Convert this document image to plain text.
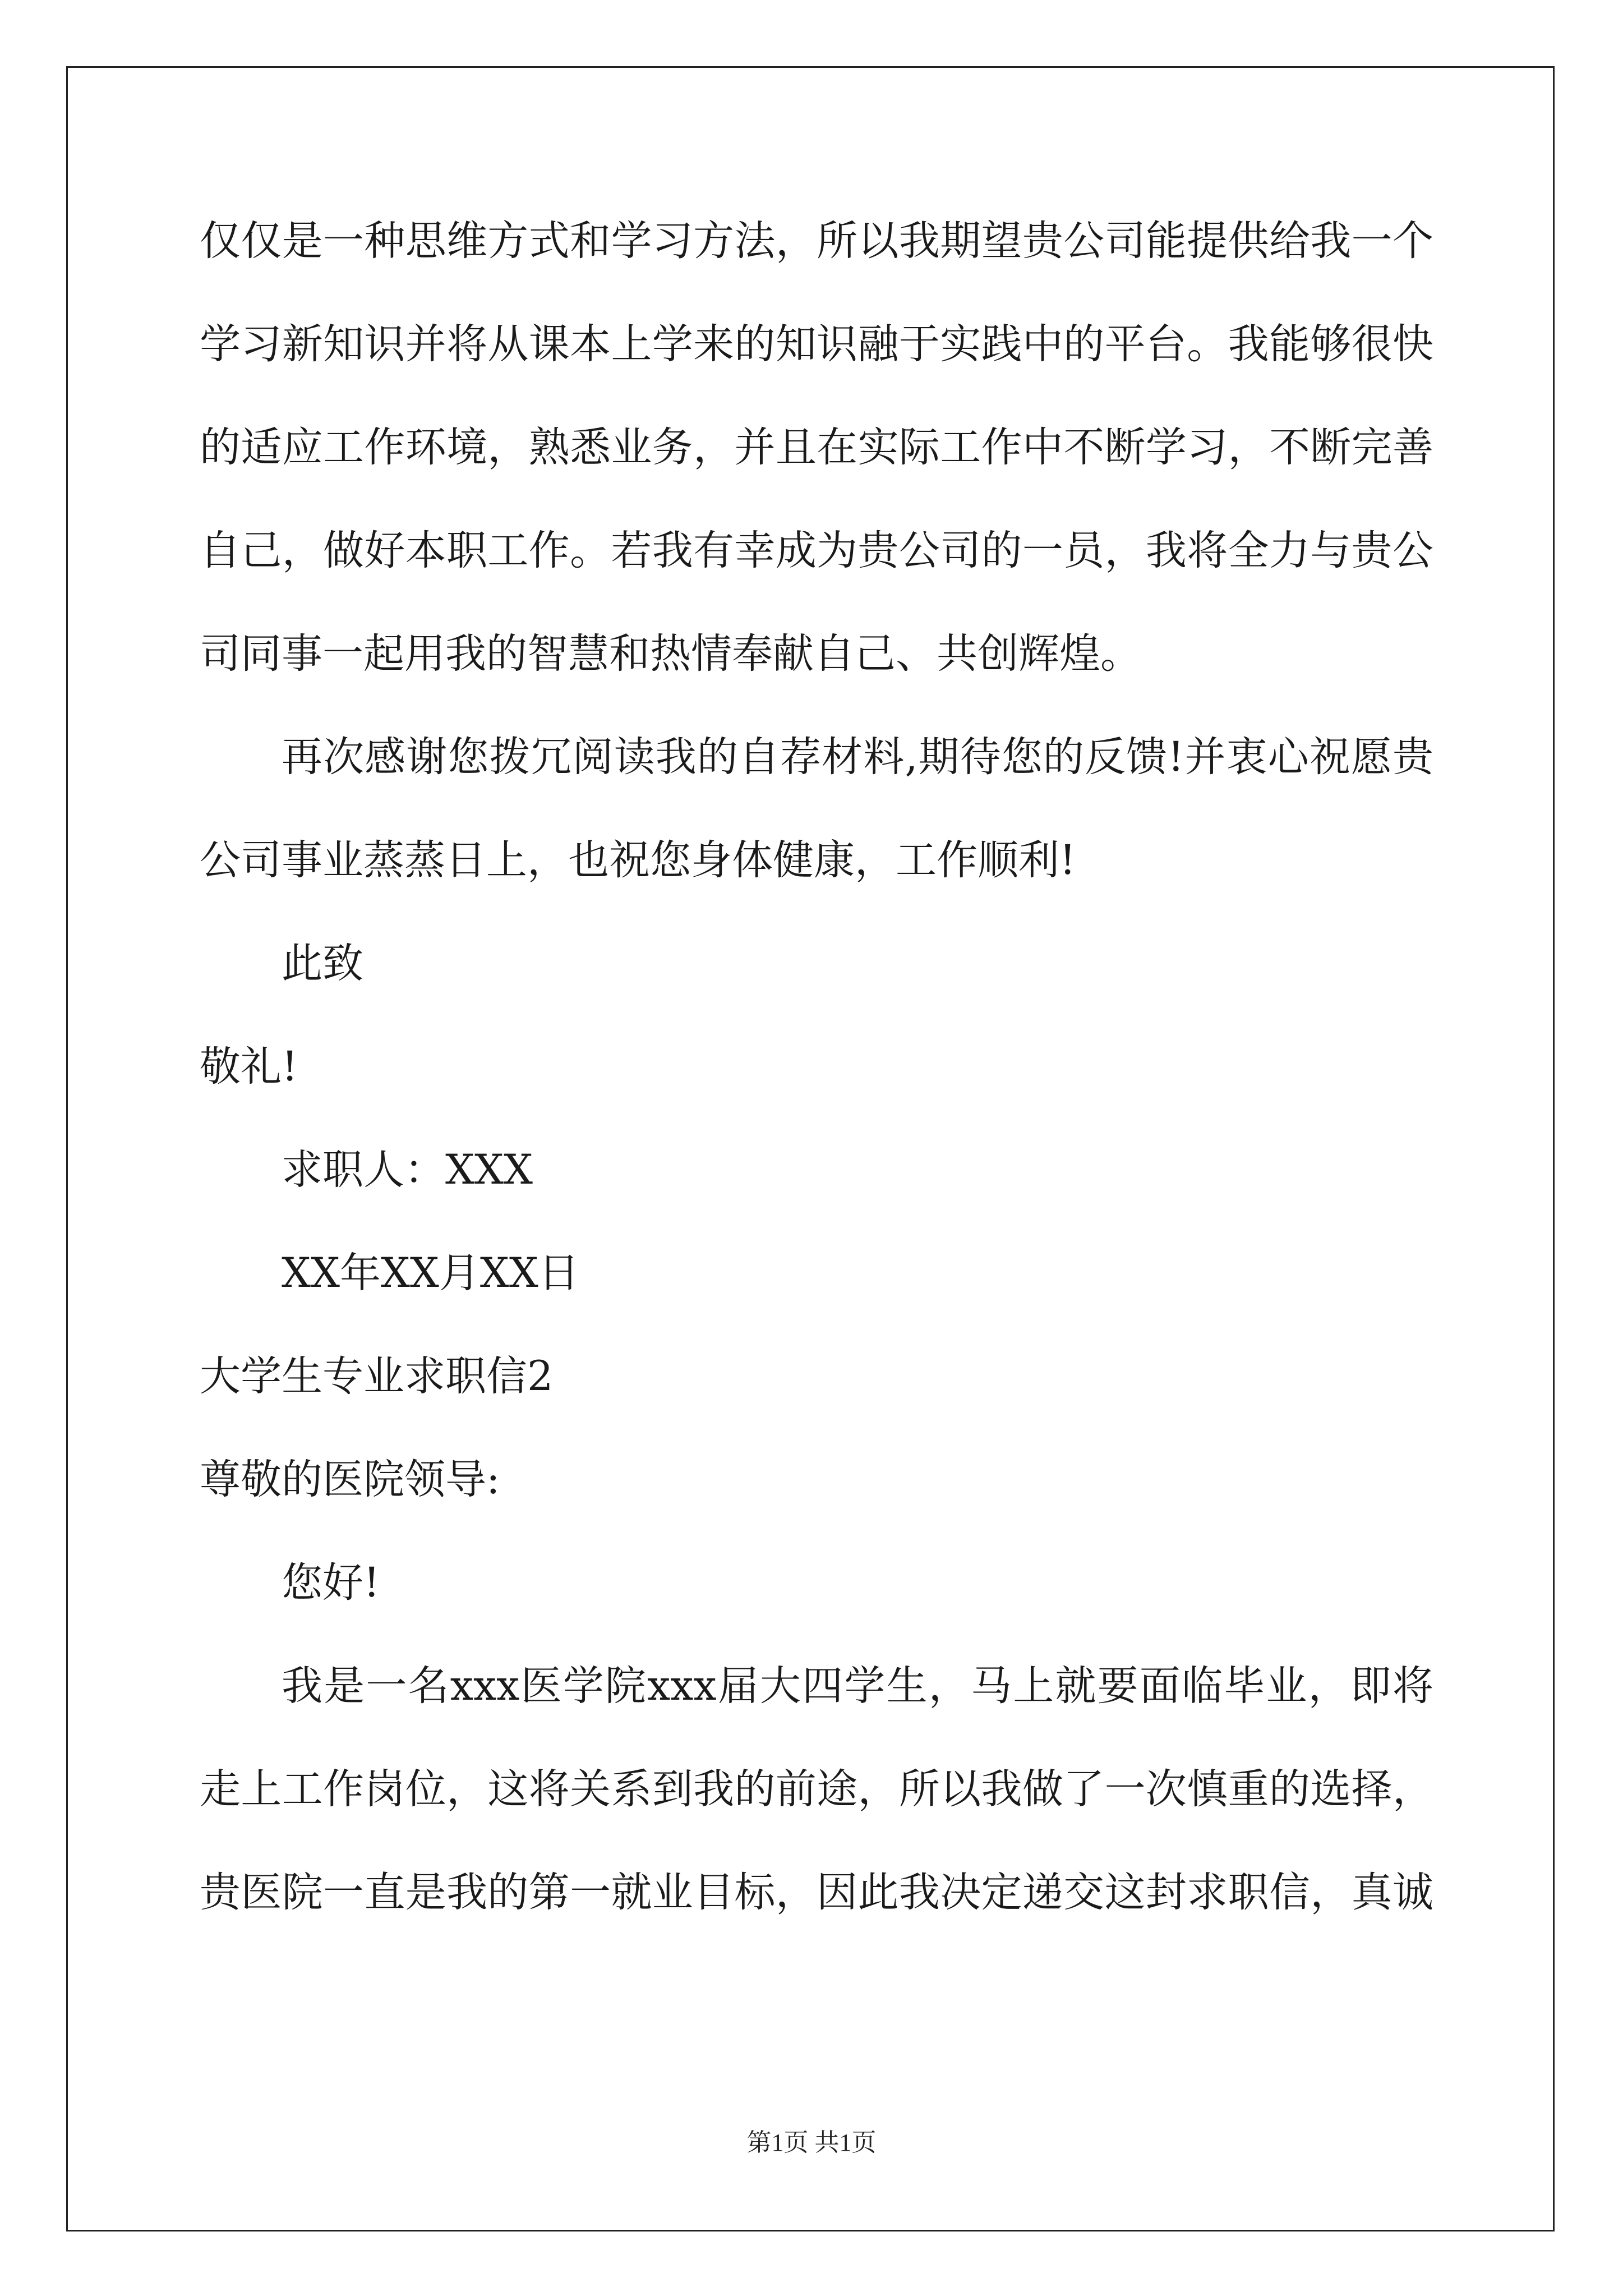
仅仅是一种思维方式和学习方法，所以我期望贵公司能提供给我一个
学习新知识并将从课本上学来的知识融于实践中的平台。我能够很快
的适应工作环境，熟悉业务，并且在实际工作中不断学习，不断完善
自己，做好本职工作。若我有幸成为贵公司的一员，我将全力与贵公
司同事一起用我的智慧和热情奉献自己、共创辉煌。
再次感谢您拨冗阅读我的自荐材料,期待您的反馈!并衷心祝愿贵
公司事业蒸蒸日上，也祝您身体健康，工作顺利!
此致
敬礼!
求职人：XXX
XX年XX月XX日
大学生专业求职信2
尊敬的医院领导:
您好!
我是一名xxx医学院xxx届大四学生，马上就要面临毕业，即将
走上工作岗位，这将关系到我的前途，所以我做了一次慎重的选择，
贵医院一直是我的第一就业目标，因此我决定递交这封求职信，真诚
第1页 共1页
